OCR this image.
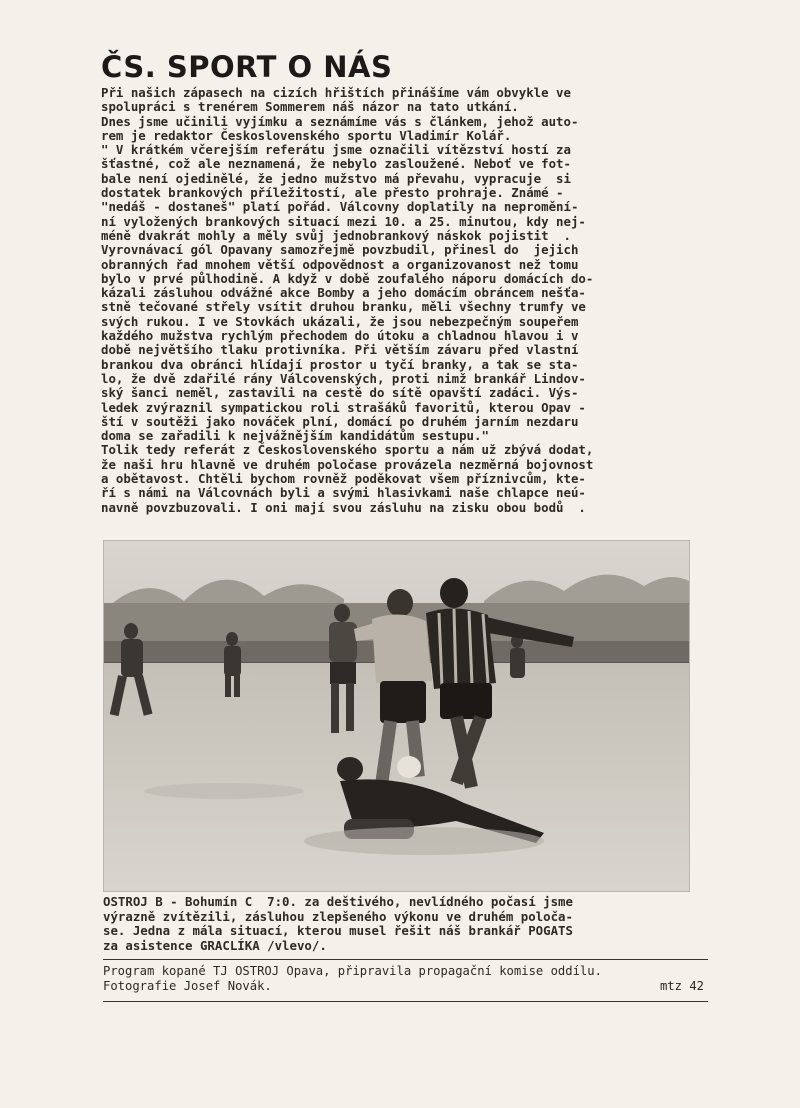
ČS. SPORT O NÁS
Při našich zápasech na cizích hřištích přinášíme vám obvykle ve
spolupráci s trenérem Sommerem náš názor na tato utkání.
Dnes jsme učinili vyjímku a seznámíme vás s článkem, jehož auto-
rem je redaktor Československého sportu Vladimír Kolář.
" V krátkém včerejším referátu jsme označili vítězství hostí za
šťastné, což ale neznamená, že nebylo zasloužené. Neboť ve fot-
bale není ojedinělé, že jedno mužstvo má převahu, vypracuje  si
dostatek brankových příležitostí, ale přesto prohraje. Známé -
"nedáš - dostaneš" platí pořád. Válcovny doplatily na nepromění-
ní vyložených brankových situací mezi 10. a 25. minutou, kdy nej-
méně dvakrát mohly a měly svůj jednobrankový náskok pojistit  .
Vyrovnávací gól Opavany samozřejmě povzbudil, přinesl do  jejich
obranných řad mnohem větší odpovědnost a organizovanost než tomu
bylo v prvé půlhodině. A když v době zoufalého náporu domácích do-
kázali zásluhou odvážné akce Bomby a jeho domácím obráncem nešťa-
stně tečované střely vsítit druhou branku, měli všechny trumfy ve
svých rukou. I ve Stovkách ukázali, že jsou nebezpečným soupeřem
každého mužstva rychlým přechodem do útoku a chladnou hlavou i v
době největšího tlaku protivníka. Při větším závaru před vlastní
brankou dva obránci hlídají prostor u tyčí branky, a tak se sta-
lo, že dvě zdařilé rány Válcovenských, proti nimž brankář Lindov-
ský šanci neměl, zastavili na cestě do sítě opavští zadáci. Výs-
ledek zvýraznil sympatickou roli strašáků favoritů, kterou Opav -
ští v soutěži jako nováček plní, domácí po druhém jarním nezdaru
doma se zařadili k nejvážnějším kandidátům sestupu."
Tolik tedy referát z Československého sportu a nám už zbývá dodat,
že naši hru hlavně ve druhém poločase provázela nezměrná bojovnost
a obětavost. Chtěli bychom rovněž poděkovat všem příznivcům, kte-
ří s námi na Válcovnách byli a svými hlasivkami naše chlapce neú-
navně povzbuzovali. I oni mají svou zásluhu na zisku obou bodů  .
OSTROJ B - Bohumín C  7:0. za deštivého, nevlídného počasí jsme
výrazně zvítězili, zásluhou zlepšeného výkonu ve druhém poloča-
se. Jedna z mála situací, kterou musel řešit náš brankář POGATS
za asistence GRACLÍKA /vlevo/.
Program kopané TJ OSTROJ Opava, připravila propagační komise oddílu.
Fotografie Josef Novák.	mtz 42
